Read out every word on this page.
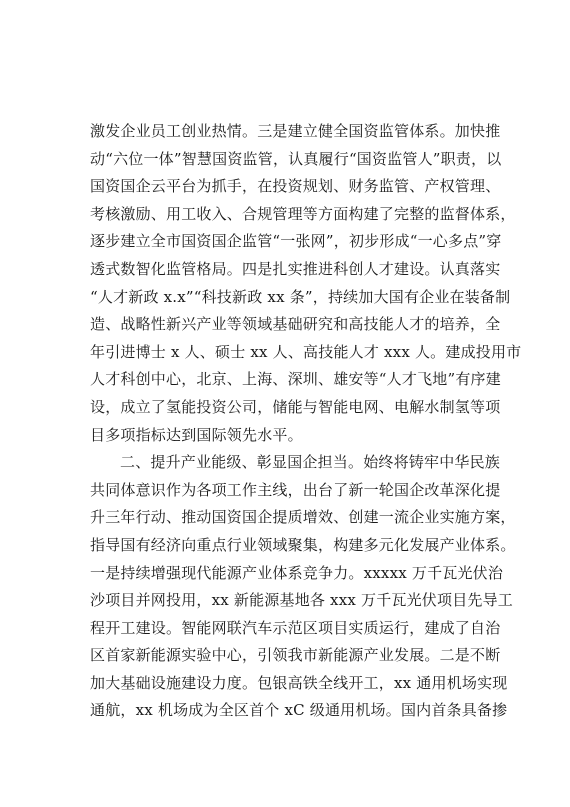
激发企业员工创业热情。三是建立健全国资监管体系。加快推
动“六位一体”智慧国资监管，认真履行“国资监管人”职责，以
国资国企云平台为抓手，在投资规划、财务监管、产权管理、
考核激励、用工收入、合规管理等方面构建了完整的监督体系，
逐步建立全市国资国企监管“一张网”，初步形成“一心多点”穿
透式数智化监管格局。四是扎实推进科创人才建设。认真落实
“人才新政 x.x”“科技新政 xx 条”，持续加大国有企业在装备制
造、战略性新兴产业等领域基础研究和高技能人才的培养，全
年引进博士 x 人、硕士 xx 人、高技能人才 xxx 人。建成投用市
人才科创中心，北京、上海、深圳、雄安等“人才飞地”有序建
设，成立了氢能投资公司，储能与智能电网、电解水制氢等项
目多项指标达到国际领先水平。
二、提升产业能级、彰显国企担当。始终将铸牢中华民族
共同体意识作为各项工作主线，出台了新一轮国企改革深化提
升三年行动、推动国资国企提质增效、创建一流企业实施方案，
指导国有经济向重点行业领域聚集，构建多元化发展产业体系。
一是持续增强现代能源产业体系竞争力。xxxxx 万千瓦光伏治
沙项目并网投用，xx 新能源基地各 xxx 万千瓦光伏项目先导工
程开工建设。智能网联汽车示范区项目实质运行，建成了自治
区首家新能源实验中心，引领我市新能源产业发展。二是不断
加大基础设施建设力度。包银高铁全线开工，xx 通用机场实现
通航，xx 机场成为全区首个 xC 级通用机场。国内首条具备掺
